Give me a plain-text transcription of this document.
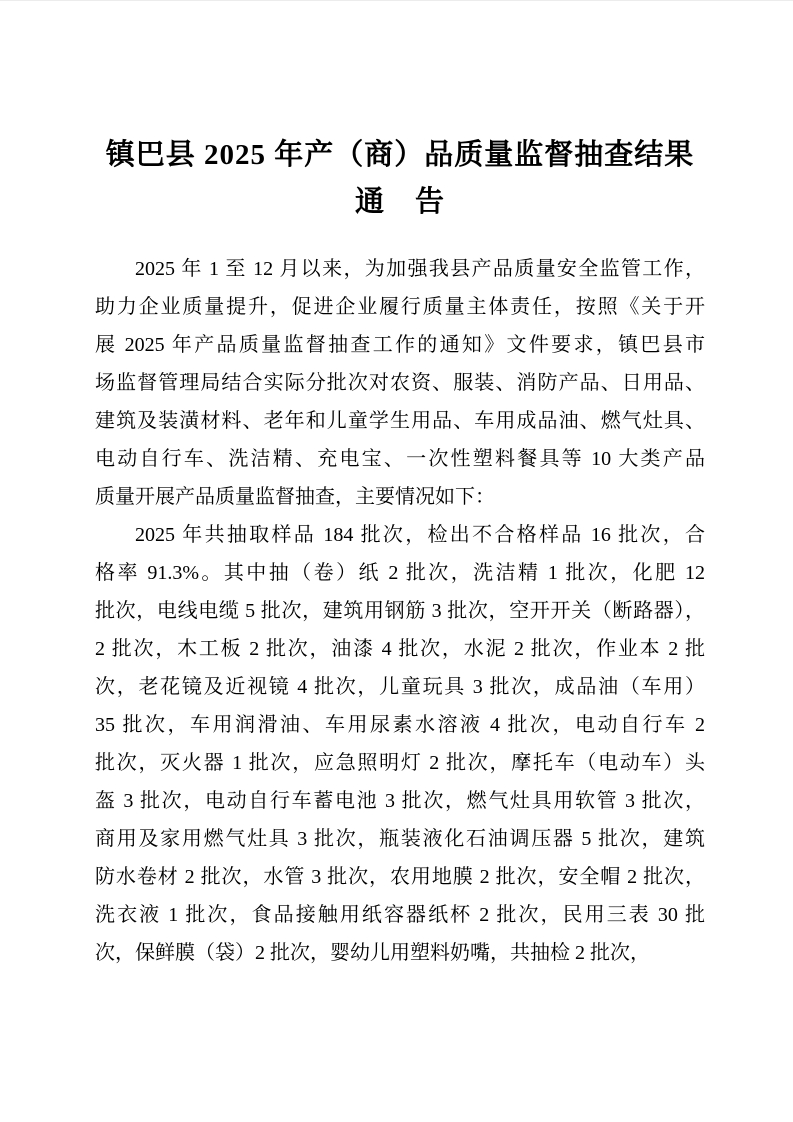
镇巴县 2025 年产（商）品质量监督抽查结果
通　告
2025 年 1 至 12 月以来，为加强我县产品质量安全监管工作，
助力企业质量提升，促进企业履行质量主体责任，按照《关于开
展 2025 年产品质量监督抽查工作的通知》文件要求，镇巴县市
场监督管理局结合实际分批次对农资、服装、消防产品、日用品、
建筑及装潢材料、老年和儿童学生用品、车用成品油、燃气灶具、
电动自行车、洗洁精、充电宝、一次性塑料餐具等 10 大类产品
质量开展产品质量监督抽查，主要情况如下：
2025 年共抽取样品 184 批次，检出不合格样品 16 批次，合
格率 91.3%。其中抽（卷）纸 2 批次，洗洁精 1 批次，化肥 12
批次，电线电缆 5 批次，建筑用钢筋 3 批次，空开开关（断路器），
2 批次，木工板 2 批次，油漆 4 批次，水泥 2 批次，作业本 2 批
次，老花镜及近视镜 4 批次，儿童玩具 3 批次，成品油（车用）
35 批次，车用润滑油、车用尿素水溶液 4 批次，电动自行车 2
批次，灭火器 1 批次，应急照明灯 2 批次，摩托车（电动车）头
盔 3 批次，电动自行车蓄电池 3 批次，燃气灶具用软管 3 批次，
商用及家用燃气灶具 3 批次，瓶装液化石油调压器 5 批次，建筑
防水卷材 2 批次，水管 3 批次，农用地膜 2 批次，安全帽 2 批次，
洗衣液 1 批次，食品接触用纸容器纸杯 2 批次，民用三表 30 批
次，保鲜膜（袋）2 批次，婴幼儿用塑料奶嘴，共抽检 2 批次，
